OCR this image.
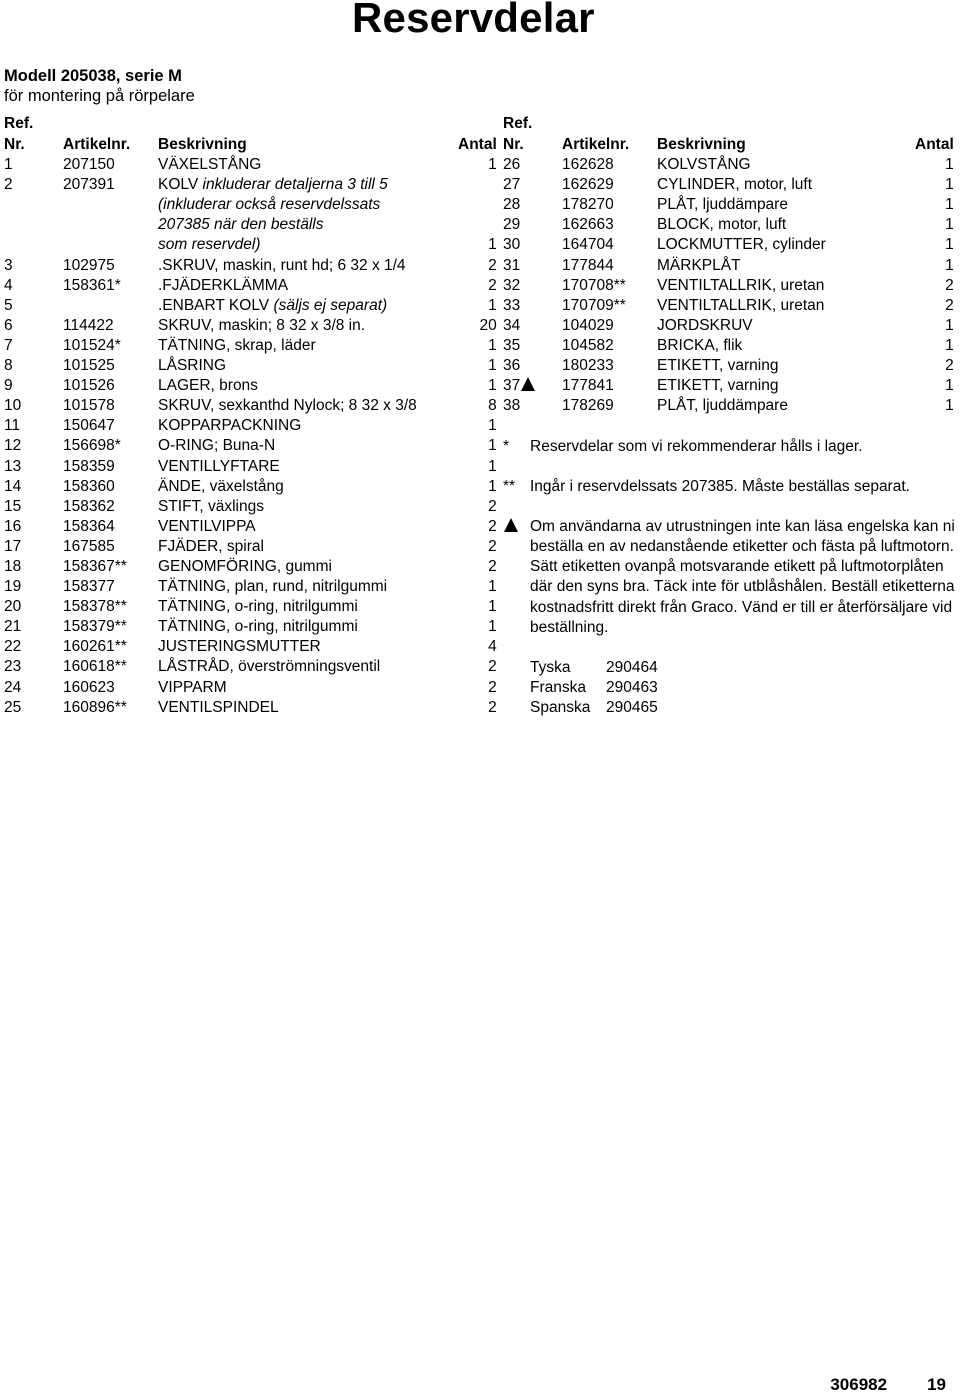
Reservdelar
Modell 205038, serie M
för montering på rörpelare
Ref.
Nr.	Artikelnr.	Beskrivning	Antal
1	207150	VÄXELSTÅNG	1
2	207391	KOLV inkluderar detaljerna 3 till 5	
		(inkluderar också reservdelssats	
		207385 när den beställs	
		som reservdel)	1
3	102975	.SKRUV, maskin, runt hd; 6 32 x 1/4	2
4	158361*	.FJÄDERKLÄMMA	2
5		.ENBART KOLV (säljs ej separat)	1
6	114422	SKRUV, maskin; 8 32 x 3/8 in.	20
7	101524*	TÄTNING, skrap, läder	1
8	101525	LÅSRING	1
9	101526	LAGER, brons	1
10	101578	SKRUV, sexkanthd Nylock; 8 32 x 3/8	8
11	150647	KOPPARPACKNING	1
12	156698*	O-RING; Buna-N	1
13	158359	VENTILLYFTARE	1
14	158360	ÄNDE, växelstång	1
15	158362	STIFT, växlings	2
16	158364	VENTILVIPPA	2
17	167585	FJÄDER, spiral	2
18	158367**	GENOMFÖRING, gummi	2
19	158377	TÄTNING, plan, rund, nitrilgummi	1
20	158378**	TÄTNING, o-ring, nitrilgummi	1
21	158379**	TÄTNING, o-ring, nitrilgummi	1
22	160261**	JUSTERINGSMUTTER	4
23	160618**	LÅSTRÅD, överströmningsventil	2
24	160623	VIPPARM	2
25	160896**	VENTILSPINDEL	2
Ref.
Nr.	Artikelnr.	Beskrivning	Antal
26	162628	KOLVSTÅNG	1
27	162629	CYLINDER, motor, luft	1
28	178270	PLÅT, ljuddämpare	1
29	162663	BLOCK, motor, luft	1
30	164704	LOCKMUTTER, cylinder	1
31	177844	MÄRKPLÅT	1
32	170708**	VENTILTALLRIK, uretan	2
33	170709**	VENTILTALLRIK, uretan	2
34	104029	JORDSKRUV	1
35	104582	BRICKA, flik	1
36	180233	ETIKETT, varning	2
37	177841	ETIKETT, varning	1
38	178269	PLÅT, ljuddämpare	1
*	Reservdelar som vi rekommenderar hålls i lager.
** Ingår i reservdelssats 207385. Måste beställas separat.
Om användarna av utrustningen inte kan läsa engelska kan ni beställa en av nedanstående etiketter och fästa på luftmotorn. Sätt etiketten ovanpå motsvarande etikett på luftmotorplåten där den syns bra. Täck inte för utblåshålen. Beställ etiketterna kostnadsfritt direkt från Graco. Vänd er till er återförsäljare vid beställning.
Tyska	290464
Franska	290463
Spanska	290465
306982 19
